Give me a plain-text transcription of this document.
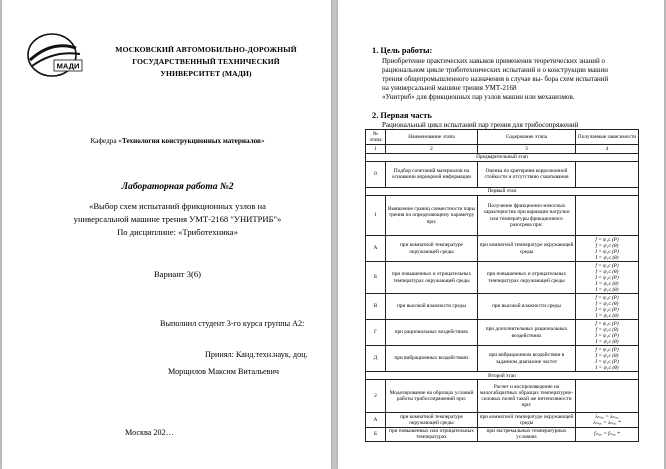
МАДИ
МОСКОВСКИЙ АВТОМОБИЛЬНО-ДОРОЖНЫЙ
ГОСУДАРСТВЕННЫЙ ТЕХНИЧЕСКИЙ
УНИВЕРСИТЕТ (МАДИ)
Кафедра «Технология конструкционных материалов»
Лабораторная работа №2
«Выбор схем испытаний фрикционных узлов на
универсальной машине трения УМТ-2168 "УНИТРИБ"»
По дисциплине: «Триботехника»
Вариант 3(6)
Выполнил студент 3-го курса группы А2:
Принял: Канд.техн.наук, доц.
Морщилов Максим Витальевич
Москва 202…
1. Цель работы:
Приобретение практических навыков применения теоретических знаний о
рациональном цикле триботехнических испытаний и о конструкции машин
трения общепромышленного назначения в случае вы- бора схем испытаний
на универсальной машине трения УМТ-2168
«Унитриб» для фрикционных пар узлов машин или механизмов.
2. Первая часть
Рациональный цикл испытаний пар трения для трибосопряжений
№ этапа	Наименование этапа	Содержание этапа	Получаемые зависимости
1	2	3	4
Предварительный этап			
0	Подбор сочетаний материалов на основании априорной информации	Оценка по критериям коррозионной стойкости и отсутствию схватывания	
Первый этап			
1	Выявление границ совместности пары трения по определяющему параметру при:	Получение фрикционно-износных характеристик при вариации нагрузки или температуры фрикционного разогрева при:	
А	при комнатной температуре окружающей среды	при комнатной температуре окружающей среды	f = ψ₁ᴄ (P)
f = ψ₁ᴄ (θ)
I = ψ₁ᴄ (P)
I = ψ₁ᴄ (θ)

Б	при повышенных и отрицательных температурах окружающей среды	при повышенных и отрицательных температурах окружающей среды	f = ψ₁ᴄ (P)
f = ψ₁ᴄ (θ)
I = ψ₁ᴄ (P)
I = ψ₁ᴄ (θ)
I = ψ₁ᴄ (θ)

В	при высокой влажности среды	при высокой влажности среды	f = ψ₁ᴄ (P)
f = ψ₁ᴄ (θ)
I = ψ₁ᴄ (P)
I = ψ₁ᴄ (θ)

Г	при рациональных воздействиях	при дополнительных рациональных воздействиях	f = ψ₁ᴄ (P)
f = ψ₁ᴄ (θ)
I = ψ₁ᴄ (P)
I = ψ₁ᴄ (θ)

Д	при вибрационных воздействиях	при вибрационном воздействии в заданном диапазоне частот	f = ψ₁ᴄ (P)
f = ψ₁ᴄ (θ)
I = ψ₁ᴄ (P)
I = ψ₁ᴄ (θ)

Второй этап			
2	Моделирование на образцах условий работы трибосопряжений при:	Расчет и воспроизведение на малогабаритных образцах температурно-силовых полей такой же интенсивности при:	
А	при комнатной температуре окружающей среды	при комнатной температуре окружающей среды	λₘₒₓ = λₘₒₓ
λₘₒₓ = λₘₒₓ *

Б	при повышенных или отрицательных температурах	при экстремальных температурных условиях	fₘₒₓ = fₘₒₓ *
